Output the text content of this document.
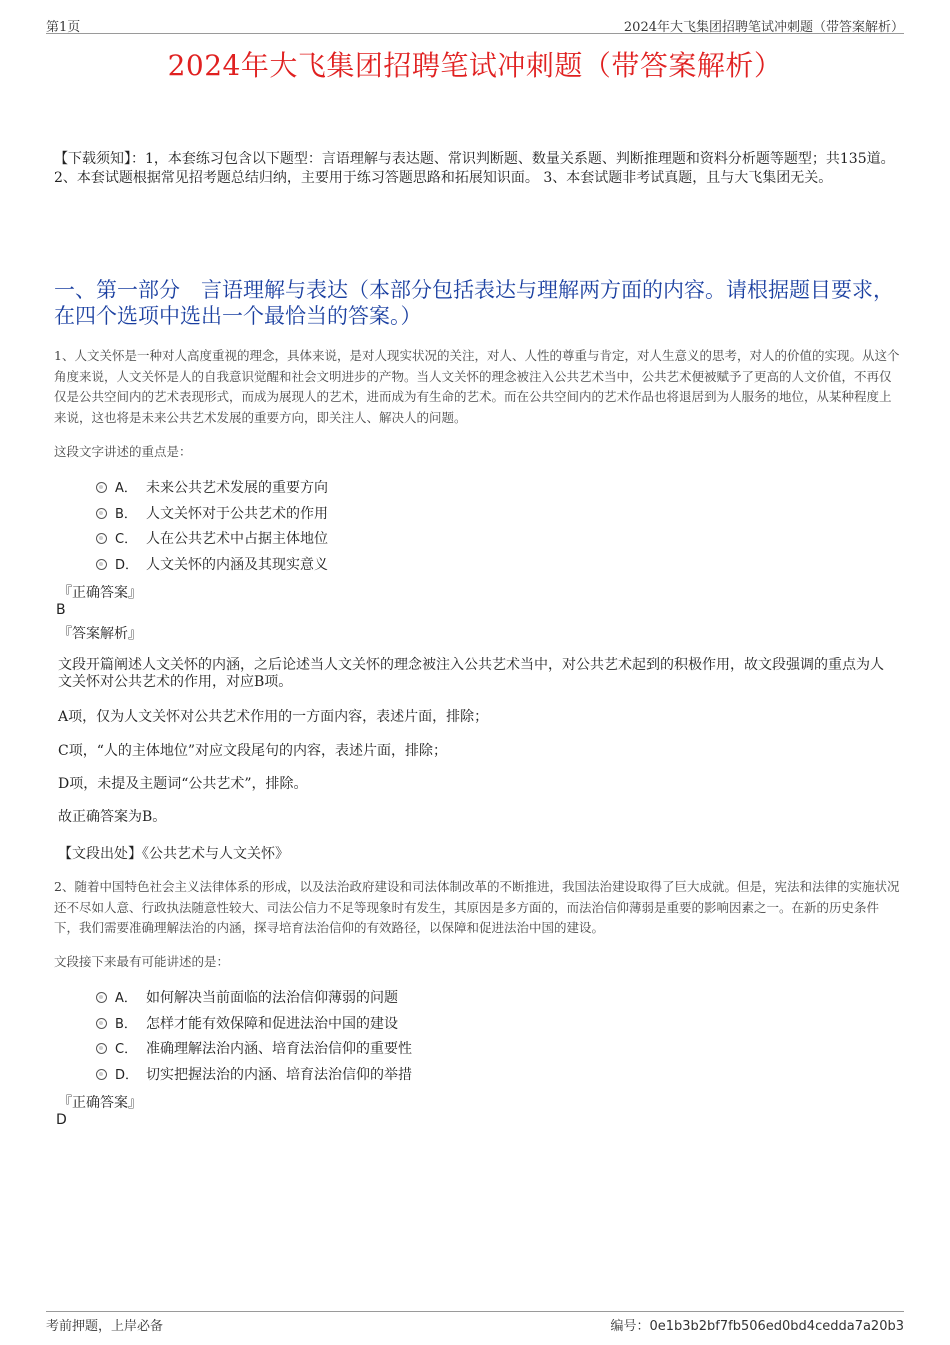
第1页	2024年大飞集团招聘笔试冲刺题（带答案解析）
2024年大飞集团招聘笔试冲刺题（带答案解析）
【下载须知】：1，本套练习包含以下题型：言语理解与表达题、常识判断题、数量关系题、判断推理题和资料分析题等题型；共135道。 2、本套试题根据常见招考题总结归纳，主要用于练习答题思路和拓展知识面。 3、本套试题非考试真题，且与大飞集团无关。
一、第一部分　言语理解与表达（本部分包括表达与理解两方面的内容。请根据题目要求，在四个选项中选出一个最恰当的答案。）
1、人文关怀是一种对人高度重视的理念，具体来说，是对人现实状况的关注，对人、人性的尊重与肯定，对人生意义的思考，对人的价值的实现。从这个角度来说，人文关怀是人的自我意识觉醒和社会文明进步的产物。当人文关怀的理念被注入公共艺术当中，公共艺术便被赋予了更高的人文价值，不再仅仅是公共空间内的艺术表现形式，而成为展现人的艺术，进而成为有生命的艺术。而在公共空间内的艺术作品也将退居到为人服务的地位，从某种程度上来说，这也将是未来公共艺术发展的重要方向，即关注人、解决人的问题。
这段文字讲述的重点是：
A． 未来公共艺术发展的重要方向
B． 人文关怀对于公共艺术的作用
C． 人在公共艺术中占据主体地位
D． 人文关怀的内涵及其现实意义
『正确答案』
B
『答案解析』
文段开篇阐述人文关怀的内涵，之后论述当人文关怀的理念被注入公共艺术当中，对公共艺术起到的积极作用，故文段强调的重点为人文关怀对公共艺术的作用，对应B项。
A项，仅为人文关怀对公共艺术作用的一方面内容，表述片面，排除；
C项，“人的主体地位”对应文段尾句的内容，表述片面，排除；
D项，未提及主题词“公共艺术”，排除。
故正确答案为B。
【文段出处】《公共艺术与人文关怀》
2、随着中国特色社会主义法律体系的形成，以及法治政府建设和司法体制改革的不断推进，我国法治建设取得了巨大成就。但是，宪法和法律的实施状况还不尽如人意、行政执法随意性较大、司法公信力不足等现象时有发生，其原因是多方面的，而法治信仰薄弱是重要的影响因素之一。在新的历史条件下，我们需要准确理解法治的内涵，探寻培育法治信仰的有效路径，以保障和促进法治中国的建设。
文段接下来最有可能讲述的是：
A． 如何解决当前面临的法治信仰薄弱的问题
B． 怎样才能有效保障和促进法治中国的建设
C． 准确理解法治内涵、培育法治信仰的重要性
D． 切实把握法治的内涵、培育法治信仰的举措
『正确答案』
D
考前押题，上岸必备	编号：0e1b3b2bf7fb506ed0bd4cedda7a20b3
